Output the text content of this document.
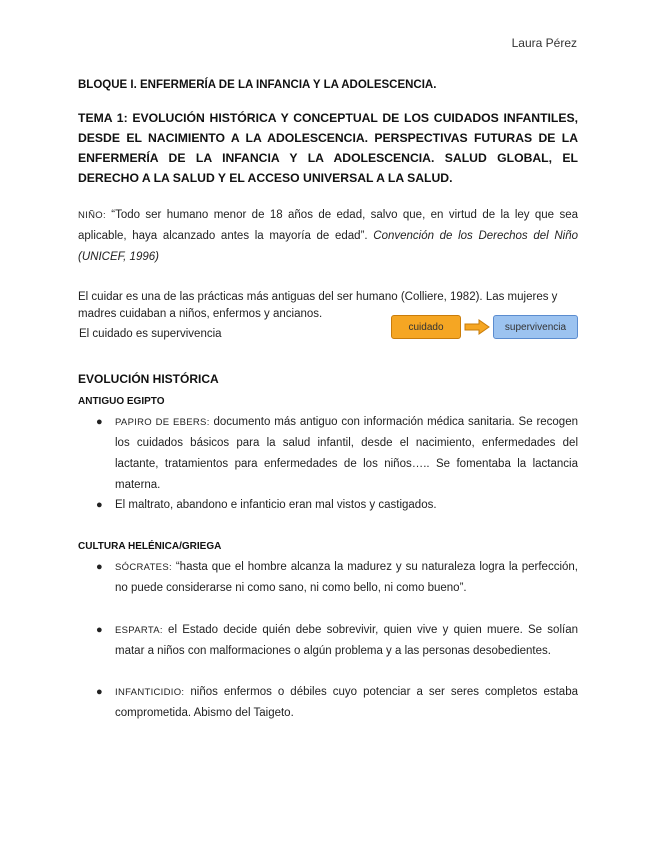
Laura Pérez
BLOQUE I. ENFERMERÍA DE LA INFANCIA Y LA ADOLESCENCIA.
TEMA 1: EVOLUCIÓN HISTÓRICA Y CONCEPTUAL DE LOS CUIDADOS INFANTILES, DESDE EL NACIMIENTO A LA ADOLESCENCIA. PERSPECTIVAS FUTURAS DE LA ENFERMERÍA DE LA INFANCIA Y LA ADOLESCENCIA. SALUD GLOBAL, EL DERECHO A LA SALUD Y EL ACCESO UNIVERSAL A LA SALUD.
NIÑO: “Todo ser humano menor de 18 años de edad, salvo que, en virtud de la ley que sea aplicable, haya alcanzado antes la mayoría de edad”. Convención de los Derechos del Niño (UNICEF, 1996)
El cuidar es una de las prácticas más antiguas del ser humano (Colliere, 1982). Las mujeres y
madres cuidaban a niños, enfermos y ancianos.
El cuidado es supervivencia
cuidado	supervivencia
EVOLUCIÓN HISTÓRICA
ANTIGUO EGIPTO
● PAPIRO DE EBERS: documento más antiguo con información médica sanitaria. Se recogen los cuidados básicos para la salud infantil, desde el nacimiento, enfermedades del lactante, tratamientos para enfermedades de los niños….. Se fomentaba la lactancia materna.
● El maltrato, abandono e infanticio eran mal vistos y castigados.
CULTURA HELÉNICA/GRIEGA
● SÓCRATES: “hasta que el hombre alcanza la madurez y su naturaleza logra la perfección, no puede considerarse ni como sano, ni como bello, ni como bueno”.
● ESPARTA: el Estado decide quién debe sobrevivir, quien vive y quien muere. Se solían matar a niños con malformaciones o algún problema y a las personas desobedientes.
● INFANTICIDIO: niños enfermos o débiles cuyo potenciar a ser seres completos estaba comprometida. Abismo del Taigeto.
